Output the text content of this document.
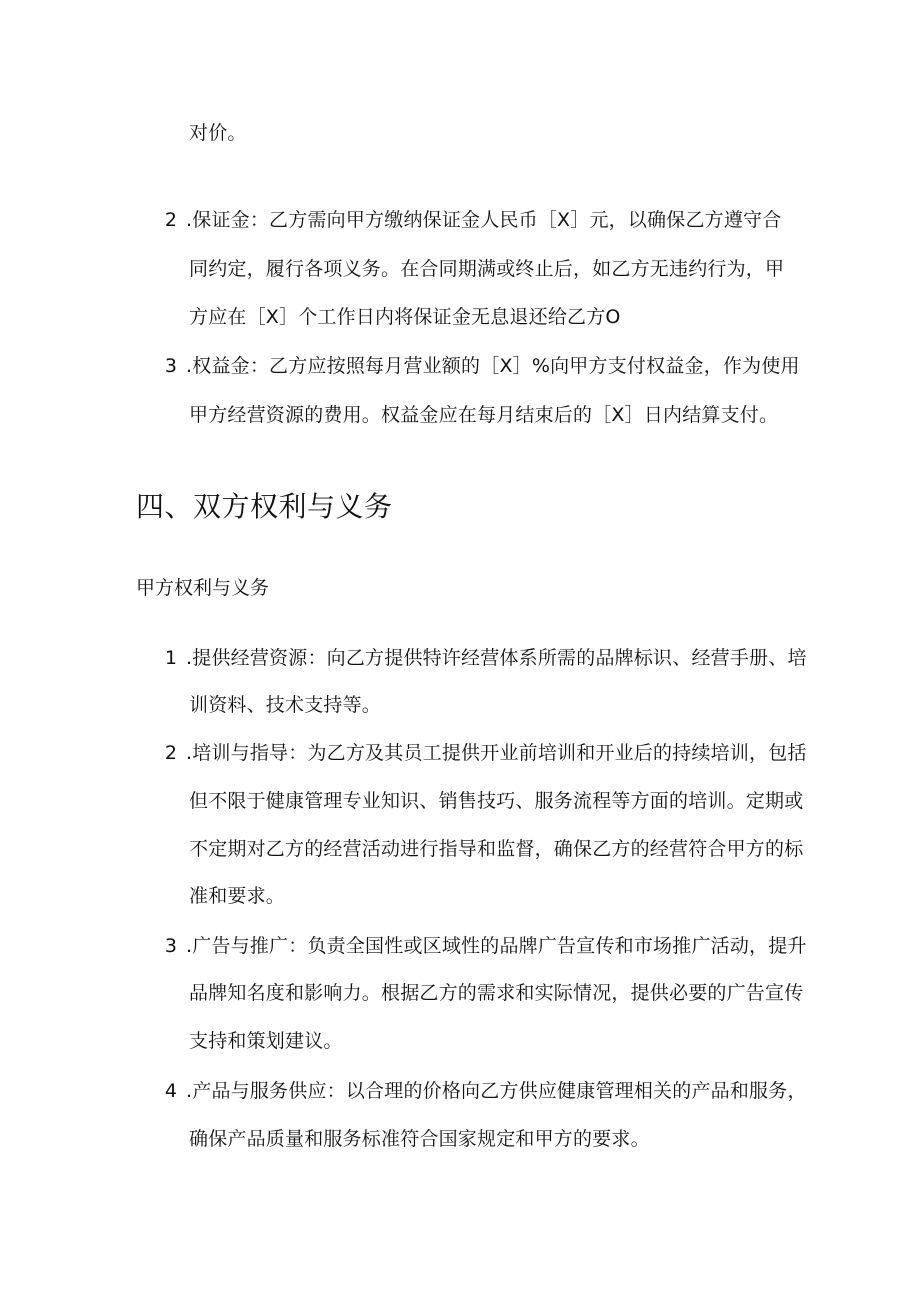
对价。
2 .保证金：乙方需向甲方缴纳保证金人民币［X］元，以确保乙方遵守合
同约定，履行各项义务。在合同期满或终止后，如乙方无违约行为，甲
方应在［X］个工作日内将保证金无息退还给乙方O
3 .权益金：乙方应按照每月营业额的［X］%向甲方支付权益金，作为使用
甲方经营资源的费用。权益金应在每月结束后的［X］日内结算支付。
四、双方权利与义务
甲方权利与义务
1 .提供经营资源：向乙方提供特许经营体系所需的品牌标识、经营手册、培
训资料、技术支持等。
2 .培训与指导：为乙方及其员工提供开业前培训和开业后的持续培训，包括
但不限于健康管理专业知识、销售技巧、服务流程等方面的培训。定期或
不定期对乙方的经营活动进行指导和监督，确保乙方的经营符合甲方的标
准和要求。
3 .广告与推广：负责全国性或区域性的品牌广告宣传和市场推广活动，提升
品牌知名度和影响力。根据乙方的需求和实际情况，提供必要的广告宣传
支持和策划建议。
4 .产品与服务供应：以合理的价格向乙方供应健康管理相关的产品和服务，
确保产品质量和服务标准符合国家规定和甲方的要求。
